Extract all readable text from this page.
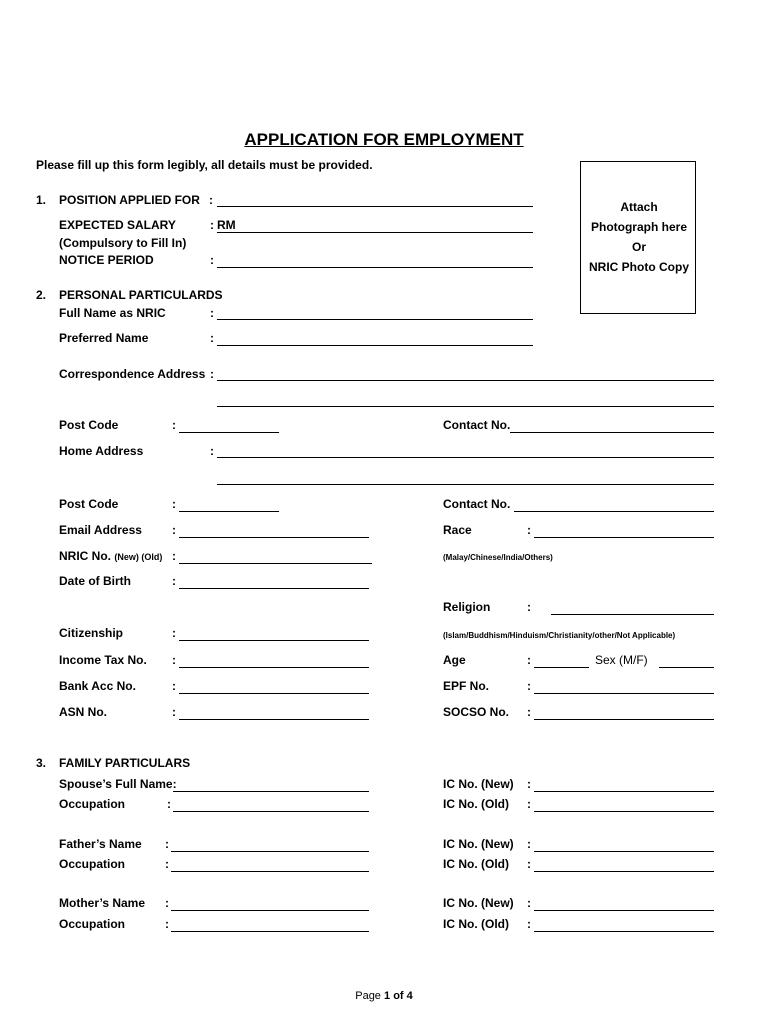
APPLICATION FOR EMPLOYMENT
Please fill up this form legibly, all details must be provided.
Attach
Photograph here
Or
NRIC Photo Copy
1. POSITION APPLIED FOR :
EXPECTED SALARY	: RM
(Compulsory to Fill In)
NOTICE PERIOD	:
2. PERSONAL PARTICULARDS
Full Name as NRIC	:
Preferred Name	:
Correspondence Address :
Post Code	:	Contact No.
Home Address	:
Post Code	:	Contact No.
Email Address	:	Race	:
NRIC No. (New) (Old) :	(Malay/Chinese/India/Others)
Date of Birth	:
Religion	:
Citizenship	:	(Islam/Buddhism/Hinduism/Christianity/other/Not Applicable)
Income Tax No. :	Age	:	Sex (M/F)
Bank Acc No.	:	EPF No.	:
ASN No.	:	SOCSO No. :
3. FAMILY PARTICULARS
Spouse’s Full Name:	IC No. (New) :
Occupation	:	IC No. (Old) :
Father’s Name :	IC No. (New) :
Occupation	:	IC No. (Old) :
Mother’s Name :	IC No. (New) :
Occupation	:	IC No. (Old) :
Page 1 of 4
